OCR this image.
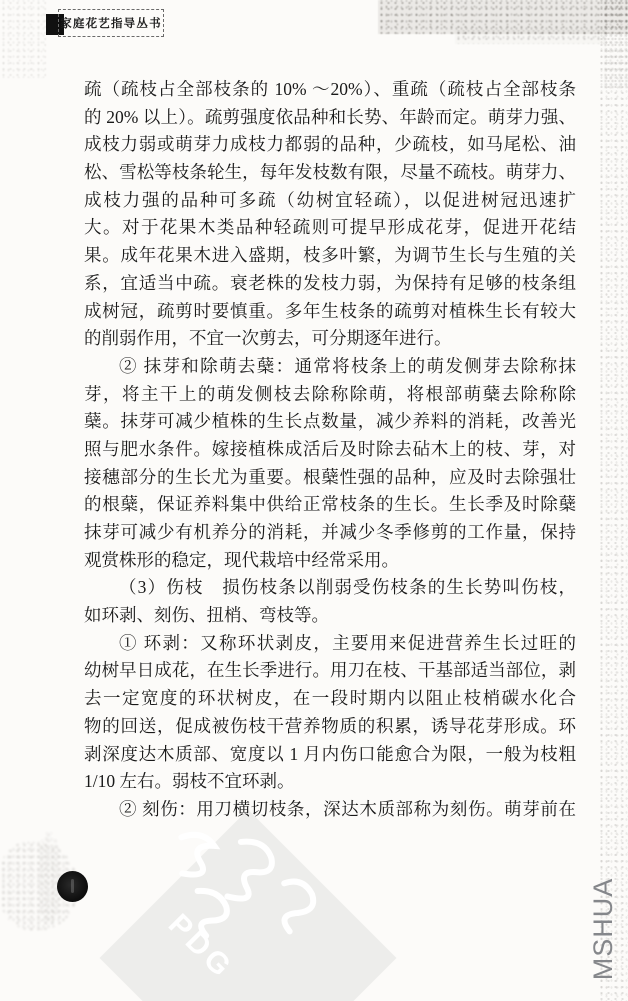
家庭花艺指导丛书
PDG
疏（疏枝占全部枝条的 10% ～20%）、重疏（疏枝占全部枝条
的 20% 以上）。疏剪强度依品种和长势、年龄而定。萌芽力强、
成枝力弱或萌芽力成枝力都弱的品种，少疏枝，如马尾松、油
松、雪松等枝条轮生，每年发枝数有限，尽量不疏枝。萌芽力、
成枝力强的品种可多疏（幼树宜轻疏），以促进树冠迅速扩
大。对于花果木类品种轻疏则可提早形成花芽，促进开花结
果。成年花果木进入盛期，枝多叶繁，为调节生长与生殖的关
系，宜适当中疏。衰老株的发枝力弱，为保持有足够的枝条组
成树冠，疏剪时要慎重。多年生枝条的疏剪对植株生长有较大
的削弱作用，不宜一次剪去，可分期逐年进行。
② 抹芽和除萌去蘖：通常将枝条上的萌发侧芽去除称抹
芽，将主干上的萌发侧枝去除称除萌，将根部萌蘖去除称除
蘖。抹芽可减少植株的生长点数量，减少养料的消耗，改善光
照与肥水条件。嫁接植株成活后及时除去砧木上的枝、芽，对
接穗部分的生长尤为重要。根蘖性强的品种，应及时去除强壮
的根蘖，保证养料集中供给正常枝条的生长。生长季及时除蘖
抹芽可减少有机养分的消耗，并减少冬季修剪的工作量，保持
观赏株形的稳定，现代栽培中经常采用。
（3）伤枝　损伤枝条以削弱受伤枝条的生长势叫伤枝，
如环剥、刻伤、扭梢、弯枝等。
① 环剥：又称环状剥皮，主要用来促进营养生长过旺的
幼树早日成花，在生长季进行。用刀在枝、干基部适当部位，剥
去一定宽度的环状树皮，在一段时期内以阻止枝梢碳水化合
物的回送，促成被伤枝干营养物质的积累，诱导花芽形成。环
剥深度达木质部、宽度以 1 月内伤口能愈合为限，一般为枝粗
1/10 左右。弱枝不宜环剥。
② 刻伤：用刀横切枝条，深达木质部称为刻伤。萌芽前在
MSHUA
